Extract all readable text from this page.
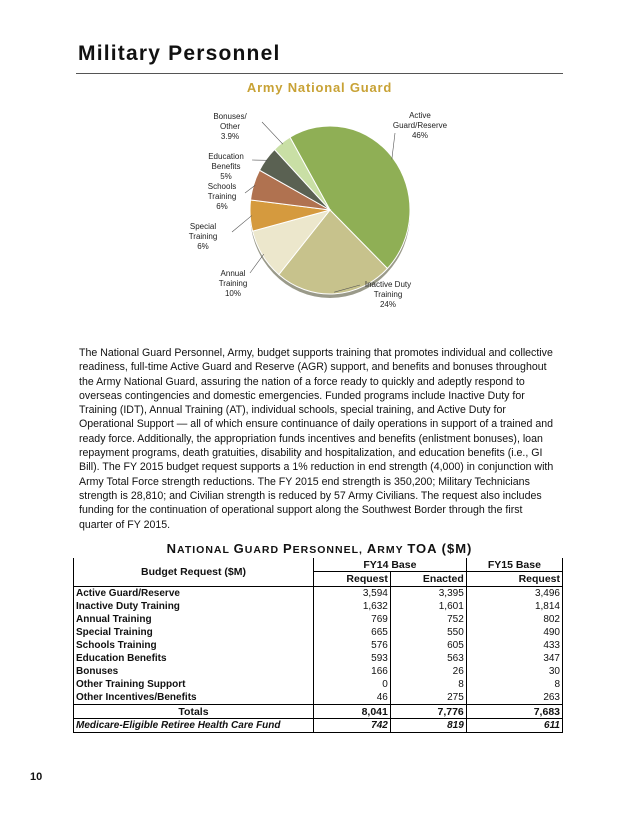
Military Personnel
Army National Guard
Active
Guard/Reserve
46%
Inactive Duty
Training
24%
Annual
Training
10%
Special
Training
6%
Schools
Training
6%
Education
Benefits
5%
Bonuses/
Other
3.9%
The National Guard Personnel, Army, budget supports training that promotes individual and collective readiness, full-time Active Guard and Reserve (AGR) support, and benefits and bonuses throughout the Army National Guard, assuring the nation of a force ready to quickly and adeptly respond to overseas contingencies and domestic emergencies. Funded programs include Inactive Duty for Training (IDT), Annual Training (AT), individual schools, special training, and Active Duty for Operational Support — all of which ensure continuance of daily operations in support of a trained and ready force. Additionally, the appropriation funds incentives and benefits (enlistment bonuses), loan repayment programs, death gratuities, disability and hospitalization, and education benefits (i.e., GI Bill). The FY 2015 budget request supports a 1% reduction in end strength (4,000) in conjunction with Army Total Force strength reductions. The FY 2015 end strength is 350,200; Military Technicians strength is 28,810; and Civilian strength is reduced by 57 Army Civilians. The request also includes funding for the continuation of operational support along the Southwest Border through the first quarter of FY 2015.
NATIONAL GUARD PERSONNEL, ARMY TOA ($M)
Budget Request ($M)	FY14 Base		FY15 Base
	Request	Enacted	Request
Active Guard/Reserve	3,594	3,395	3,496
Inactive Duty Training	1,632	1,601	1,814
Annual Training	769	752	802
Special Training	665	550	490
Schools Training	576	605	433
Education Benefits	593	563	347
Bonuses	166	26	30
Other Training Support	0	8	8
Other Incentives/Benefits	46	275	263
Totals	8,041	7,776	7,683
Medicare-Eligible Retiree Health Care Fund	742	819	611
10
